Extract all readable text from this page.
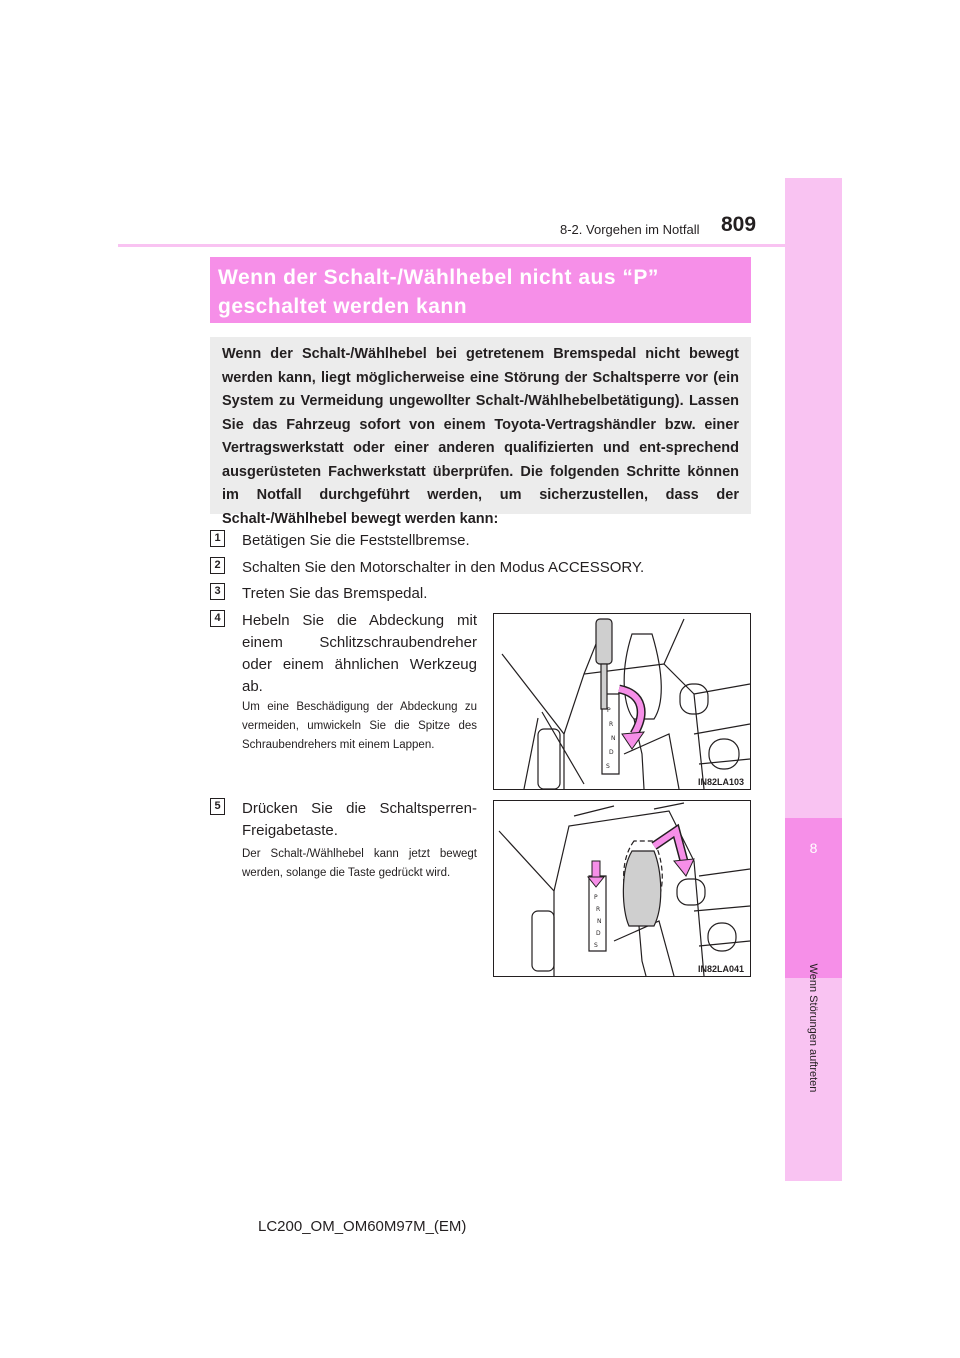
8
Wenn Störungen auftreten
8-2. Vorgehen im Notfall 809
Wenn der Schalt-/Wählhebel nicht aus “P”
geschaltet werden kann

Wenn der Schalt-/Wählhebel bei getretenem Bremspedal nicht bewegt werden kann, liegt möglicherweise eine Störung der Schaltsperre vor (ein System zu Vermeidung ungewollter Schalt-/Wählhebelbetätigung). Lassen Sie das Fahrzeug sofort von einem Toyota-Vertragshändler bzw. einer Vertragswerkstatt oder einer anderen qualifizierten und ent-sprechend ausgerüsteten Fachwerkstatt überprüfen. Die folgenden Schritte können im Notfall durchgeführt werden, um sicherzustellen, dass der Schalt-/Wählhebel bewegt werden kann:

1 Betätigen Sie die Feststellbremse.
2 Schalten Sie den Motorschalter in den Modus ACCESSORY.
3 Treten Sie das Bremspedal.
4 Hebeln Sie die Abdeckung mit einem Schlitzschraubendreher oder einem ähnlichen Werkzeug ab.
Um eine Beschädigung der Abdeckung zu vermeiden, umwickeln Sie die Spitze des Schraubendrehers mit einem Lappen.
5 Drücken Sie die Schaltsperren-Freigabetaste.
Der Schalt-/Wählhebel kann jetzt bewegt werden, solange die Taste gedrückt wird.
P
R
N
D
S
IN82LA103
P
R
N
D
S
IN82LA041
LC200_OM_OM60M97M_(EM)
